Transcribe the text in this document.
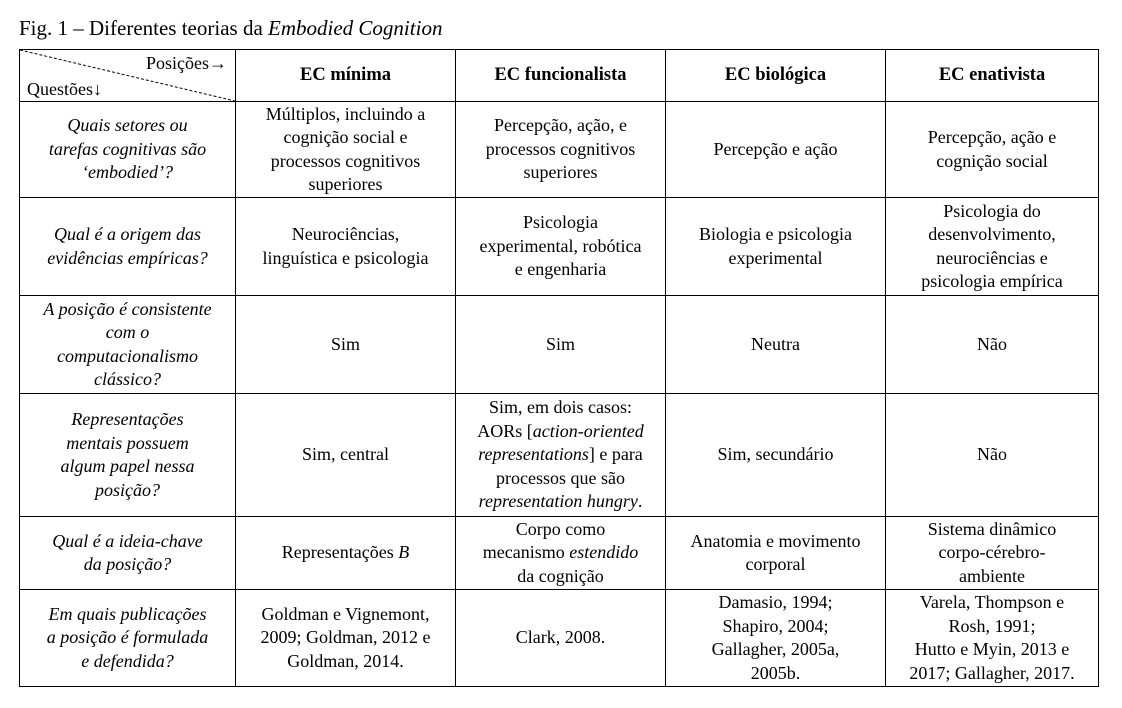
Fig. 1 – Diferentes teorias da Embodied Cognition
Posições→
Questões↓	EC mínima	EC funcionalista	EC biológica	EC enativista
Quais setores ou
tarefas cognitivas são
‘embodied’?	Múltiplos, incluindo a
cognição social e
processos cognitivos
superiores	Percepção, ação, e
processos cognitivos
superiores	Percepção e ação	Percepção, ação e
cognição social
Qual é a origem das
evidências empíricas?	Neurociências,
linguística e psicologia	Psicologia
experimental, robótica
e engenharia	Biologia e psicologia
experimental	Psicologia do
desenvolvimento,
neurociências e
psicologia empírica
A posição é consistente
com o
computacionalismo
clássico?	Sim	Sim	Neutra	Não
Representações
mentais possuem
algum papel nessa
posição?	Sim, central	Sim, em dois casos:
AORs [action-oriented
representations] e para
processos que são
representation hungry.	Sim, secundário	Não
Qual é a ideia-chave
da posição?	Representações B	Corpo como
mecanismo estendido
da cognição	Anatomia e movimento
corporal	Sistema dinâmico
corpo-cérebro-
ambiente
Em quais publicações
a posição é formulada
e defendida?	Goldman e Vignemont,
2009; Goldman, 2012 e
Goldman, 2014.	Clark, 2008.	Damasio, 1994;
Shapiro, 2004;
Gallagher, 2005a,
2005b.	Varela, Thompson e
Rosh, 1991;
Hutto e Myin, 2013 e
2017; Gallagher, 2017.
